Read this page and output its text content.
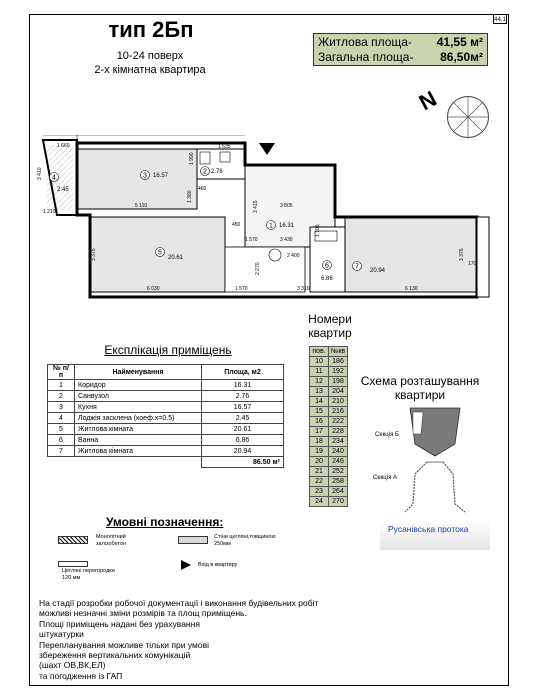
44.1
тип 2Бп
10-24 поверх
2-х кімнатна квартира
Житлова площа- 41,55 м²
Загальна площа- 86,50м²
N
4
2.45
3 16.57
2 2.76
1 16.31
5
20.61
6
6.86
7
20.94
1 660
3 410
1 210
5 110
1 990
1 535
1 380
450
3 805
3 415
1 570	3 430
1 105
3 375	2 400
2 270
6 030	1 570	3 310	6 130
3 375
170
460
Номери
квартир
пов.	№кв
10	186
11	192
12	198
13	204
14	210
15	216
16	222
17	228
18	234
19	240
20	246
21	252
22	258
23	264
24	270
Експлікація приміщень
№ п/п	Найменування	Площа, м2
1	Коридор	16.31
2	Санвузол	2.76
3	Кухня	16.57
4	Лоджія засклена (коеф.х=0.5)	2.45
5	Житлова кімната	20.61
6	Ванна	6.86
7	Житлова кімната	20.94
		86.50 м²
Схема розташування
квартири
Секція Б
Секція А
Русанівська протока
Умовні позначення:
Монолітний
залізобетон
Стіни цеглянi,товщиною
250мм
Цегляні перегородки
120 мм
Вхід в квартиру
На стадії розробки робочої документації і виконання будівельних робіт
можливі незначні зміни розмірів та площ приміщень.
Площі приміщень надані без урахування
штукатурки
Перепланування можливе тільки при умові
збереження вертикальних комунікацій
(шахт ОВ,ВК,ЕЛ)
та погодження із ГАП
